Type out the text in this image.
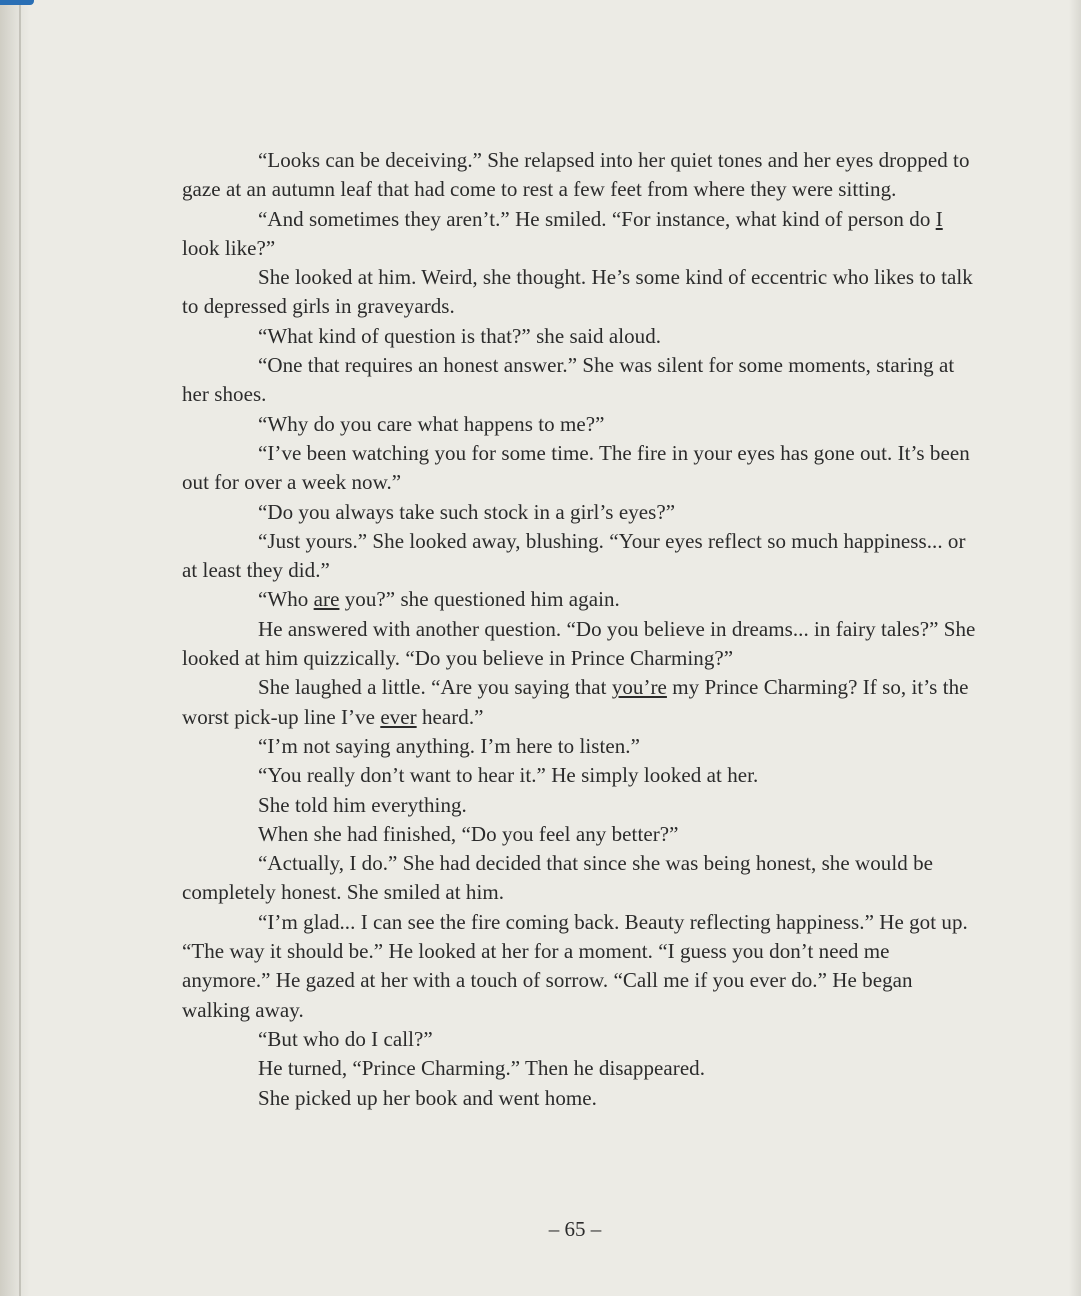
“Looks can be deceiving.” She relapsed into her quiet tones and her eyes dropped to gaze at an autumn leaf that had come to rest a few feet from where they were sitting.

“And sometimes they aren’t.” He smiled. “For instance, what kind of person do I look like?”

She looked at him. Weird, she thought. He’s some kind of eccentric who likes to talk to depressed girls in graveyards.

“What kind of question is that?” she said aloud.

“One that requires an honest answer.” She was silent for some moments, staring at her shoes.

“Why do you care what happens to me?”

“I’ve been watching you for some time. The fire in your eyes has gone out. It’s been out for over a week now.”

“Do you always take such stock in a girl’s eyes?”

“Just yours.” She looked away, blushing. “Your eyes reflect so much happiness... or at least they did.”

“Who are you?” she questioned him again.

He answered with another question. “Do you believe in dreams... in fairy tales?” She looked at him quizzically. “Do you believe in Prince Charming?”

She laughed a little. “Are you saying that you’re my Prince Charming? If so, it’s the worst pick-up line I’ve ever heard.”

“I’m not saying anything. I’m here to listen.”

“You really don’t want to hear it.” He simply looked at her.

She told him everything.

When she had finished, “Do you feel any better?”

“Actually, I do.” She had decided that since she was being honest, she would be completely honest. She smiled at him.

“I’m glad... I can see the fire coming back. Beauty reflecting happiness.” He got up. “The way it should be.” He looked at her for a moment. “I guess you don’t need me anymore.” He gazed at her with a touch of sorrow. “Call me if you ever do.” He began walking away.

“But who do I call?”

He turned, “Prince Charming.” Then he disappeared.

She picked up her book and went home.

– 65 –
